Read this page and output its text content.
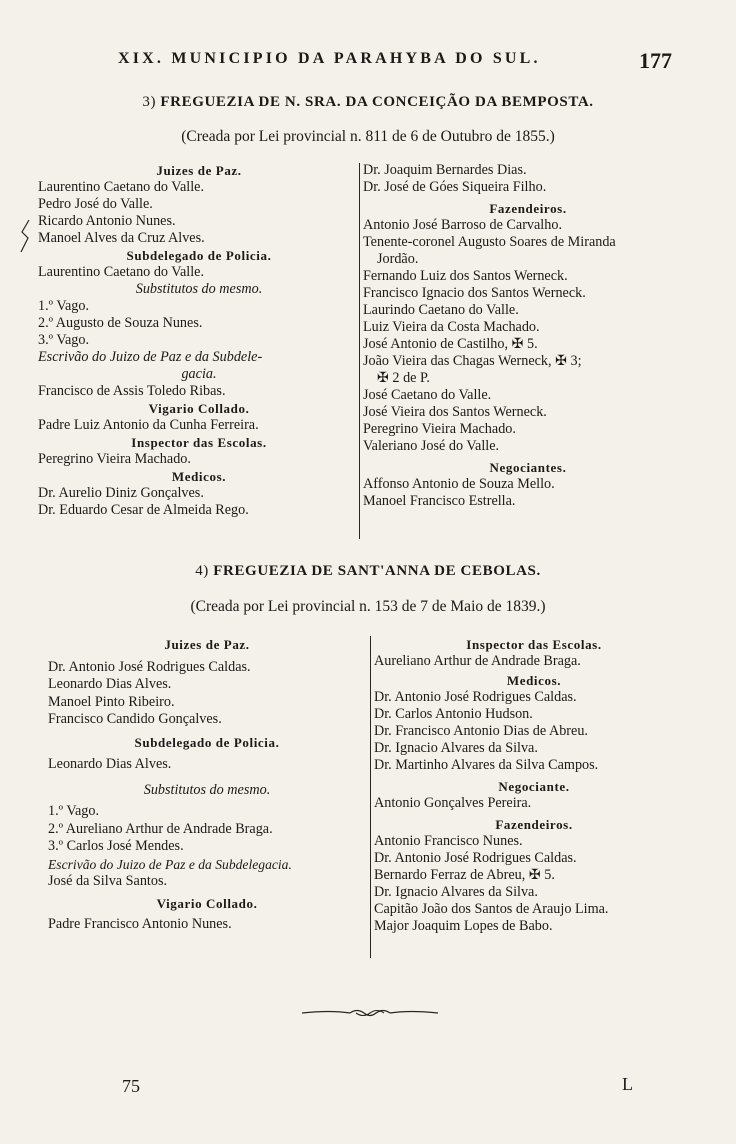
XIX. MUNICIPIO DA PARAHYBA DO SUL.	177
3) FREGUEZIA DE N. SRA. DA CONCEIÇÃO DA BEMPOSTA.
(Creada por Lei provincial n. 811 de 6 de Outubro de 1855.)
Juizes de Paz.
Laurentino Caetano do Valle.
Pedro José do Valle.
Ricardo Antonio Nunes.
Manoel Alves da Cruz Alves.
Subdelegado de Policia.
Laurentino Caetano do Valle.
Substitutos do mesmo.
1.º Vago.
2.º Augusto de Souza Nunes.
3.º Vago.
Escrivão do Juizo de Paz e da Subdele-
gacia.
Francisco de Assis Toledo Ribas.
Vigario Collado.
Padre Luiz Antonio da Cunha Ferreira.
Inspector das Escolas.
Peregrino Vieira Machado.
Medicos.
Dr. Aurelio Diniz Gonçalves.
Dr. Eduardo Cesar de Almeida Rego.
Dr. Joaquim Bernardes Dias.
Dr. José de Góes Siqueira Filho.
Fazendeiros.
Antonio José Barroso de Carvalho.
Tenente-coronel Augusto Soares de Miranda
Jordão.
Fernando Luiz dos Santos Werneck.
Francisco Ignacio dos Santos Werneck.
Laurindo Caetano do Valle.
Luiz Vieira da Costa Machado.
José Antonio de Castilho, ✠ 5.
João Vieira das Chagas Werneck, ✠ 3;
✠ 2 de P.
José Caetano do Valle.
José Vieira dos Santos Werneck.
Peregrino Vieira Machado.
Valeriano José do Valle.
Negociantes.
Affonso Antonio de Souza Mello.
Manoel Francisco Estrella.
4) FREGUEZIA DE SANT'ANNA DE CEBOLAS.
(Creada por Lei provincial n. 153 de 7 de Maio de 1839.)
Juizes de Paz.
Dr. Antonio José Rodrigues Caldas.
Leonardo Dias Alves.
Manoel Pinto Ribeiro.
Francisco Candido Gonçalves.
Subdelegado de Policia.
Leonardo Dias Alves.
Substitutos do mesmo.
1.º Vago.
2.º Aureliano Arthur de Andrade Braga.
3.º Carlos José Mendes.
Escrivão do Juizo de Paz e da Subdelegacia.
José da Silva Santos.
Vigario Collado.
Padre Francisco Antonio Nunes.
Inspector das Escolas.
Aureliano Arthur de Andrade Braga.
Medicos.
Dr. Antonio José Rodrigues Caldas.
Dr. Carlos Antonio Hudson.
Dr. Francisco Antonio Dias de Abreu.
Dr. Ignacio Alvares da Silva.
Dr. Martinho Alvares da Silva Campos.
Negociante.
Antonio Gonçalves Pereira.
Fazendeiros.
Antonio Francisco Nunes.
Dr. Antonio José Rodrigues Caldas.
Bernardo Ferraz de Abreu, ✠ 5.
Dr. Ignacio Alvares da Silva.
Capitão João dos Santos de Araujo Lima.
Major Joaquim Lopes de Babo.
75	L
